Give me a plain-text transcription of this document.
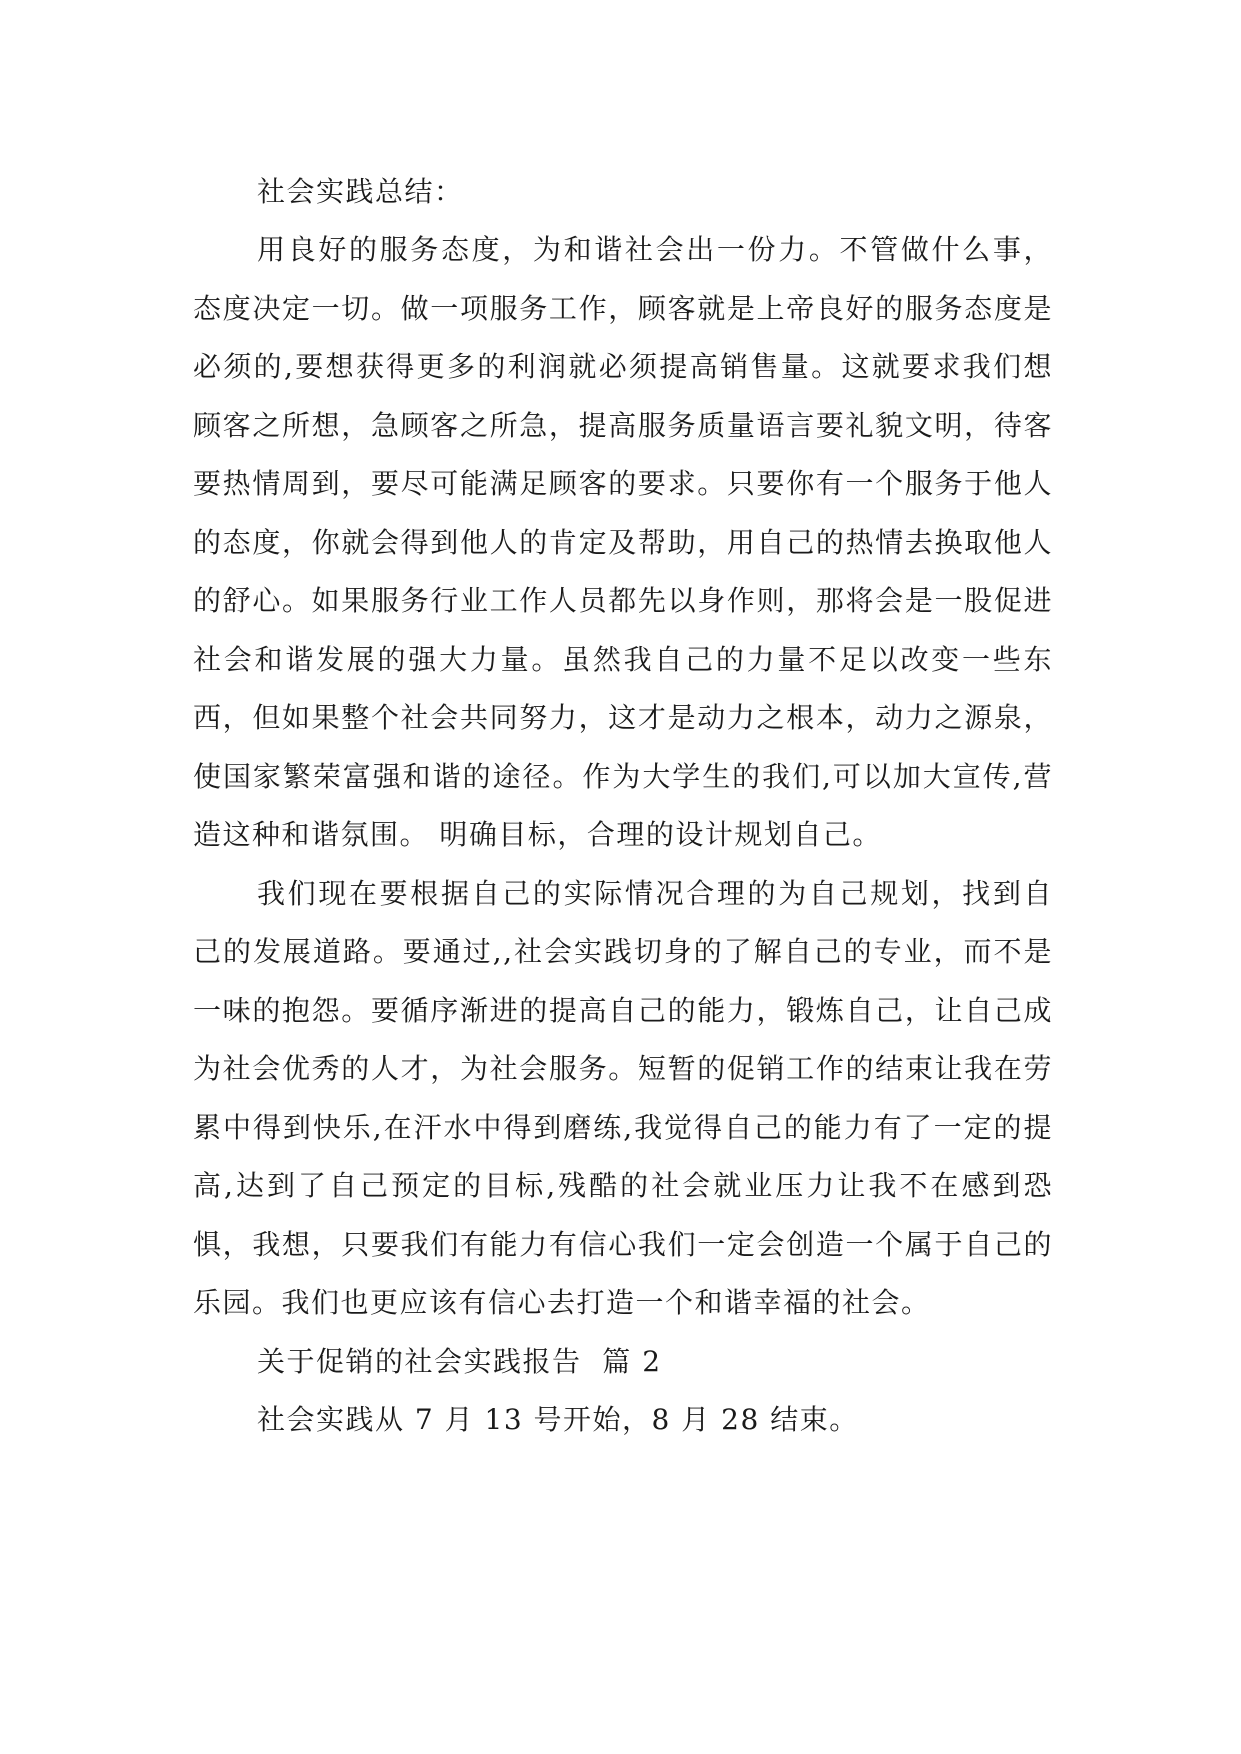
社会实践总结：

用良好的服务态度，为和谐社会出一份力。不管做什么事，态度决定一切。做一项服务工作，顾客就是上帝良好的服务态度是必须的,要想获得更多的利润就必须提高销售量。这就要求我们想顾客之所想，急顾客之所急，提高服务质量语言要礼貌文明，待客要热情周到，要尽可能满足顾客的要求。只要你有一个服务于他人的态度，你就会得到他人的肯定及帮助，用自己的热情去换取他人的舒心。如果服务行业工作人员都先以身作则，那将会是一股促进社会和谐发展的强大力量。虽然我自己的力量不足以改变一些东西，但如果整个社会共同努力，这才是动力之根本，动力之源泉，使国家繁荣富强和谐的途径。作为大学生的我们,可以加大宣传,营造这种和谐氛围。 明确目标，合理的设计规划自己。

我们现在要根据自己的实际情况合理的为自己规划，找到自己的发展道路。要通过,,社会实践切身的了解自己的专业，而不是一味的抱怨。要循序渐进的提高自己的能力，锻炼自己，让自己成为社会优秀的人才，为社会服务。短暂的促销工作的结束让我在劳累中得到快乐,在汗水中得到磨练,我觉得自己的能力有了一定的提高,达到了自己预定的目标,残酷的社会就业压力让我不在感到恐惧，我想，只要我们有能力有信心我们一定会创造一个属于自己的乐园。我们也更应该有信心去打造一个和谐幸福的社会。

关于促销的社会实践报告  篇 2

社会实践从 7 月 13 号开始，8 月 28 结束。
